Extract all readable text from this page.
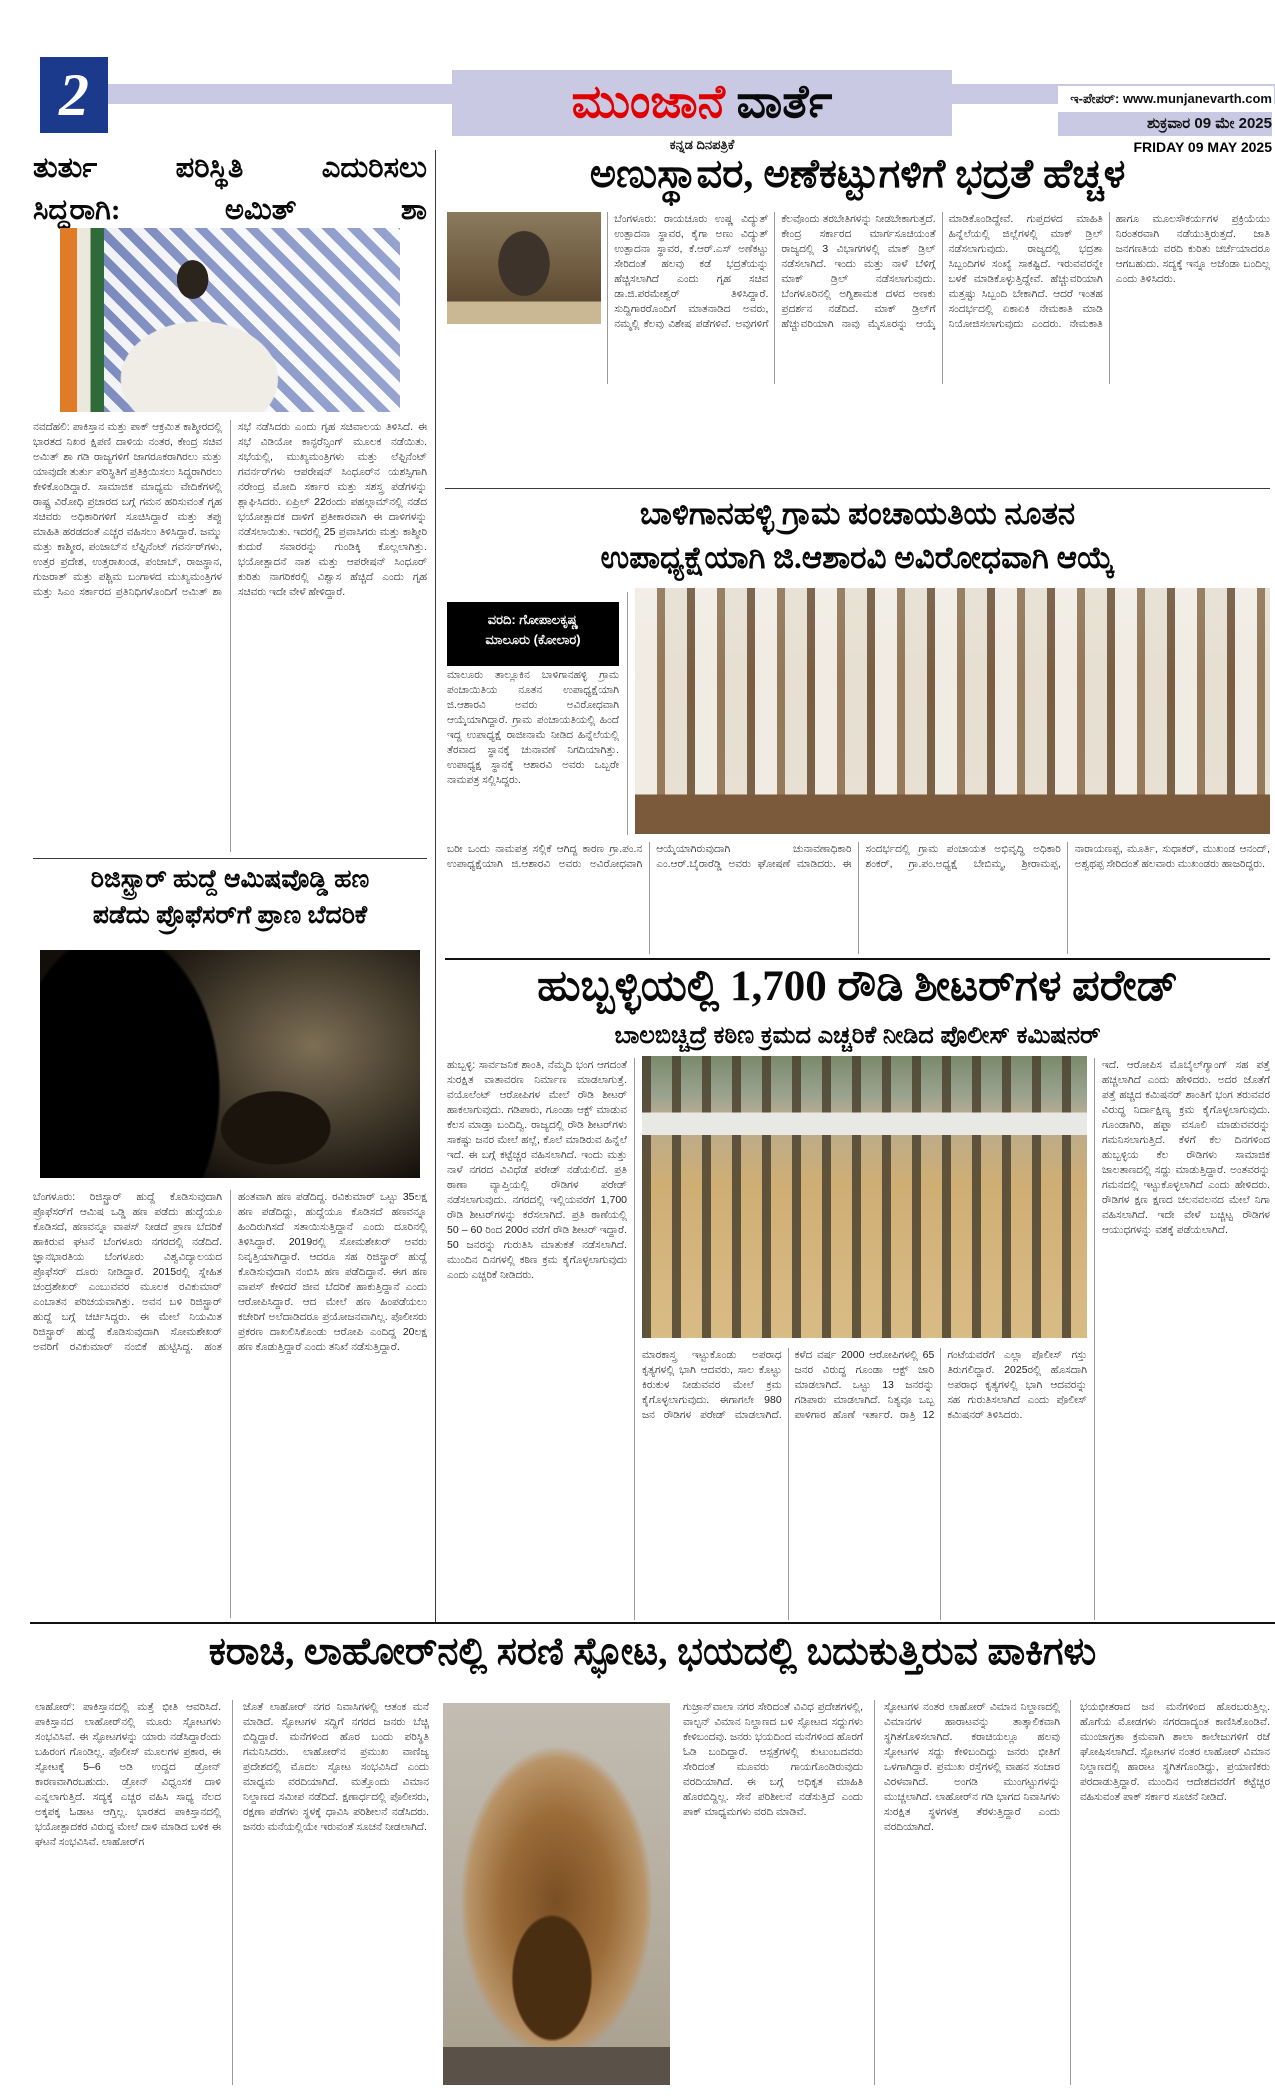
2	ಮುಂಜಾನೆ ವಾರ್ತೆ
ಕನ್ನಡ ದಿನಪತ್ರಿಕೆ
ಇ-ಪೇಪರ್: www.munjanevarth.com
ಶುಕ್ರವಾರ 09 ಮೇ 2025
FRIDAY 09 MAY 2025
ತುರ್ತು ಪರಿಸ್ಥಿತಿ ಎದುರಿಸಲು
ಸಿದ್ಧರಾಗಿ: ಅಮಿತ್ ಶಾ
ನವದೆಹಲಿ: ಪಾಕಿಸ್ತಾನ ಮತ್ತು ಪಾಕ್ ಆಕ್ರಮಿತ ಕಾಶ್ಮೀರದಲ್ಲಿ ಭಾರತದ ನಿಖರ ಕ್ಷಿಪಣಿ ದಾಳಿಯ ನಂತರ, ಕೇಂದ್ರ ಸಚಿವ ಅಮಿತ್ ಶಾ ಗಡಿ ರಾಜ್ಯಗಳಿಗೆ ಜಾಗರೂಕರಾಗಿರಲು ಮತ್ತು ಯಾವುದೇ ತುರ್ತು ಪರಿಸ್ಥಿತಿಗೆ ಪ್ರತಿಕ್ರಿಯಿಸಲು ಸಿದ್ಧರಾಗಿರಲು ಕೇಳಿಕೊಂಡಿದ್ದಾರೆ. ಸಾಮಾಜಿಕ ಮಾಧ್ಯಮ ವೇದಿಕೆಗಳಲ್ಲಿ ರಾಷ್ಟ್ರ ವಿರೋಧಿ ಪ್ರಚಾರದ ಬಗ್ಗೆ ಗಮನ ಹರಿಸುವಂತೆ ಗೃಹ ಸಚಿವರು ಅಧಿಕಾರಿಗಳಿಗೆ ಸೂಚಿಸಿದ್ದಾರೆ ಮತ್ತು ತಪ್ಪು ಮಾಹಿತಿ ಹರಡದಂತೆ ಎಚ್ಚರ ವಹಿಸಲು ತಿಳಿಸಿದ್ದಾರೆ. ಜಮ್ಮು ಮತ್ತು ಕಾಶ್ಮೀರ, ಪಂಜಾಬ್‌ನ ಲೆಫ್ಟಿನೆಂಟ್ ಗವರ್ನರ್‌ಗಳು, ಉತ್ತರ ಪ್ರದೇಶ, ಉತ್ತರಾಖಂಡ, ಪಂಜಾಬ್, ರಾಜಸ್ಥಾನ, ಗುಜರಾತ್ ಮತ್ತು ಪಶ್ಚಿಮ ಬಂಗಾಳದ ಮುಖ್ಯಮಂತ್ರಿಗಳ ಮತ್ತು ಸಿಎಂ ಸರ್ಕಾರದ ಪ್ರತಿನಿಧಿಗಳೊಂದಿಗೆ ಅಮಿತ್ ಶಾ ಸಭೆ ನಡೆಸಿದರು ಎಂದು ಗೃಹ ಸಚಿವಾಲಯ ತಿಳಿಸಿದೆ. ಈ ಸಭೆ ವಿಡಿಯೋ ಕಾನ್ಫರೆನ್ಸಿಂಗ್ ಮೂಲಕ ನಡೆಯಿತು. ಸಭೆಯಲ್ಲಿ, ಮುಖ್ಯಮಂತ್ರಿಗಳು ಮತ್ತು ಲೆಫ್ಟಿನೆಂಟ್ ಗವರ್ನರ್‌ಗಳು ಆಪರೇಷನ್ ಸಿಂಧೂರ್‌ನ ಯಶಸ್ಸಿಗಾಗಿ ನರೇಂದ್ರ ಮೋದಿ ಸರ್ಕಾರ ಮತ್ತು ಸಶಸ್ತ್ರ ಪಡೆಗಳನ್ನು ಶ್ಲಾಘಿಸಿದರು. ಏಪ್ರಿಲ್ 22ರಂದು ಪಹಲ್ಗಾಮ್‌ನಲ್ಲಿ ನಡೆದ ಭಯೋತ್ಪಾದಕ ದಾಳಿಗೆ ಪ್ರತೀಕಾರವಾಗಿ ಈ ದಾಳಿಗಳನ್ನು ನಡೆಸಲಾಯಿತು. ಇದರಲ್ಲಿ 25 ಪ್ರವಾಸಿಗರು ಮತ್ತು ಕಾಶ್ಮೀರಿ ಕುದುರೆ ಸವಾರರನ್ನು ಗುಂಡಿಕ್ಕಿ ಕೊಲ್ಲಲಾಗಿತ್ತು. ಭಯೋತ್ಪಾದನೆ ನಾಶ ಮತ್ತು ಆಪರೇಷನ್ ಸಿಂಧೂರ್ ಕುರಿತು ನಾಗರಿಕರಲ್ಲಿ ವಿಶ್ವಾಸ ಹೆಚ್ಚಿದೆ ಎಂದು ಗೃಹ ಸಚಿವರು ಇದೇ ವೇಳೆ ಹೇಳಿದ್ದಾರೆ.
ರಿಜಿಸ್ಟ್ರಾರ್ ಹುದ್ದೆ ಆಮಿಷವೊಡ್ಡಿ ಹಣ
ಪಡೆದು ಪ್ರೊಫೆಸರ್‌ಗೆ ಪ್ರಾಣ ಬೆದರಿಕೆ
ಬೆಂಗಳೂರು: ರಿಜಿಸ್ಟ್ರಾರ್ ಹುದ್ದೆ ಕೊಡಿಸುವುದಾಗಿ ಪ್ರೊಫೆಸರ್‌ಗೆ ಆಮಿಷ ಒಡ್ಡಿ ಹಣ ಪಡೆದು ಹುದ್ದೆಯೂ ಕೊಡಿಸದೆ, ಹಣವನ್ನೂ ವಾಪಸ್ ನೀಡದೆ ಪ್ರಾಣ ಬೆದರಿಕೆ ಹಾಕಿರುವ ಘಟನೆ ಬೆಂಗಳೂರು ನಗರದಲ್ಲಿ ನಡೆದಿದೆ. ಜ್ಞಾನಭಾರತಿಯ ಬೆಂಗಳೂರು ವಿಶ್ವವಿದ್ಯಾಲಯದ ಪ್ರೊಫೆಸರ್ ದೂರು ನೀಡಿದ್ದಾರೆ. 2015ರಲ್ಲಿ ಸ್ನೇಹಿತ ಚಂದ್ರಶೇಖರ್ ಎಂಬುವವರ ಮೂಲಕ ರವಿಕುಮಾರ್ ಎಂಬಾತನ ಪರಿಚಯವಾಗಿತ್ತು. ಅವನ ಬಳಿ ರಿಜಿಸ್ಟ್ರಾರ್ ಹುದ್ದೆ ಬಗ್ಗೆ ಚರ್ಚಿಸಿದ್ದರು. ಈ ಮೇಲೆ ನಿಯಮಿತ ರಿಜಿಸ್ಟ್ರಾರ್ ಹುದ್ದೆ ಕೊಡಿಸುವುದಾಗಿ ಸೋಮಶೇಖರ್ ಅವರಿಗೆ ರವಿಕುಮಾರ್ ನಂಬಿಕೆ ಹುಟ್ಟಿಸಿದ್ದ. ಹಂತ ಹಂತವಾಗಿ ಹಣ ಪಡೆದಿದ್ದ. ರವಿಕುಮಾರ್ ಒಟ್ಟು 35ಲಕ್ಷ ಹಣ ಪಡೆದಿದ್ದು, ಹುದ್ದೆಯೂ ಕೊಡಿಸದೆ ಹಣವನ್ನೂ ಹಿಂದಿರುಗಿಸದೆ ಸತಾಯಿಸುತ್ತಿದ್ದಾನೆ ಎಂದು ದೂರಿನಲ್ಲಿ ತಿಳಿಸಿದ್ದಾರೆ. 2019ರಲ್ಲಿ ಸೋಮಶೇಖರ್ ಅವರು ನಿವೃತ್ತಿಯಾಗಿದ್ದಾರೆ. ಆದರೂ ಸಹ ರಿಜಿಸ್ಟ್ರಾರ್ ಹುದ್ದೆ ಕೊಡಿಸುವುದಾಗಿ ನಂಬಿಸಿ ಹಣ ಪಡೆದಿದ್ದಾನೆ. ಈಗ ಹಣ ವಾಪಸ್ ಕೇಳಿದರೆ ಜೀವ ಬೆದರಿಕೆ ಹಾಕುತ್ತಿದ್ದಾನೆ ಎಂದು ಆರೋಪಿಸಿದ್ದಾರೆ. ಆದ ಮೇಲೆ ಹಣ ಹಿಂಪಡೆಯಲು ಕಚೇರಿಗೆ ಅಲೆದಾಡಿದರೂ ಪ್ರಯೋಜನವಾಗಿಲ್ಲ. ಪೊಲೀಸರು ಪ್ರಕರಣ ದಾಖಲಿಸಿಕೊಂಡು ಆರೋಪಿ ಎಂದಿದ್ದ 20ಲಕ್ಷ ಹಣ ಕೊಡುತ್ತಿದ್ದಾರೆ ಎಂದು ತನಿಖೆ ನಡೆಸುತ್ತಿದ್ದಾರೆ.
ಅಣುಸ್ಥಾವರ, ಅಣೆಕಟ್ಟುಗಳಿಗೆ ಭದ್ರತೆ ಹೆಚ್ಚಳ
ಬೆಂಗಳೂರು: ರಾಯಚೂರು ಉಷ್ಣ ವಿದ್ಯುತ್ ಉತ್ಪಾದನಾ ಸ್ಥಾವರ, ಕೈಗಾ ಅಣು ವಿದ್ಯುತ್ ಉತ್ಪಾದನಾ ಸ್ಥಾವರ, ಕೆ.ಆರ್.ಎಸ್ ಅಣೆಕಟ್ಟು ಸೇರಿದಂತೆ ಹಲವು ಕಡೆ ಭದ್ರತೆಯನ್ನು ಹೆಚ್ಚಿಸಲಾಗಿದೆ ಎಂದು ಗೃಹ ಸಚಿವ ಡಾ.ಜಿ.ಪರಮೇಶ್ವರ್ ತಿಳಿಸಿದ್ದಾರೆ. ಸುದ್ದಿಗಾರರೊಂದಿಗೆ ಮಾತನಾಡಿದ ಅವರು, ನಮ್ಮಲ್ಲಿ ಕೆಲವು ವಿಶೇಷ ಪಡೆಗಳಿವೆ. ಅವುಗಳಿಗೆ ಕೆಲವೊಂದು ತರಬೇತಿಗಳನ್ನು ನೀಡಬೇಕಾಗುತ್ತದೆ. ಕೇಂದ್ರ ಸರ್ಕಾರದ ಮಾರ್ಗಸೂಚಿಯಂತೆ ರಾಜ್ಯದಲ್ಲಿ 3 ವಿಭಾಗಗಳಲ್ಲಿ ಮಾಕ್ ಡ್ರಿಲ್ ನಡೆಸಲಾಗಿದೆ. ಇಂದು ಮತ್ತು ನಾಳೆ ಬೆಳಿಗ್ಗೆ ಮಾಕ್ ಡ್ರಿಲ್ ನಡೆಸಲಾಗುವುದು. ಬೆಂಗಳೂರಿನಲ್ಲಿ ಅಗ್ನಿಶಾಮಕ ದಳದ ಅಣಕು ಪ್ರದರ್ಶನ ನಡೆದಿದೆ. ಮಾಕ್ ಡ್ರಿಲ್‌ಗೆ ಹೆಚ್ಚುವರಿಯಾಗಿ ನಾವು ಮೈಸೂರನ್ನು ಆಯ್ಕೆ ಮಾಡಿಕೊಂಡಿದ್ದೇವೆ. ಗುಪ್ತದಳದ ಮಾಹಿತಿ ಹಿನ್ನೆಲೆಯಲ್ಲಿ ಜಿಲ್ಲೆಗಳಲ್ಲಿ ಮಾಕ್ ಡ್ರಿಲ್ ನಡೆಸಲಾಗುವುದು. ರಾಜ್ಯದಲ್ಲಿ ಭದ್ರತಾ ಸಿಬ್ಬಂದಿಗಳ ಸಂಖ್ಯೆ ಸಾಕಷ್ಟಿದೆ. ಇರುವವರನ್ನೇ ಬಳಕೆ ಮಾಡಿಕೊಳ್ಳುತ್ತಿದ್ದೇವೆ. ಹೆಚ್ಚುವರಿಯಾಗಿ ಮತ್ತಷ್ಟು ಸಿಬ್ಬಂದಿ ಬೇಕಾಗಿದೆ. ಆದರೆ ಇಂತಹ ಸಂದರ್ಭದಲ್ಲಿ ಏಕಾಏಕಿ ನೇಮಕಾತಿ ಮಾಡಿ ನಿಯೋಜಿಸಲಾಗುವುದು ಎಂದರು. ನೇಮಕಾತಿ ಹಾಗೂ ಮೂಲಸೌಕರ್ಯಗಳ ಪ್ರಕ್ರಿಯೆಯು ನಿರಂತರವಾಗಿ ನಡೆಯುತ್ತಿರುತ್ತದೆ. ಜಾತಿ ಜನಗಣತಿಯ ವರದಿ ಕುರಿತು ಚರ್ಚೆಯಾದರೂ ಆಗಬಹುದು. ಸದ್ಯಕ್ಕೆ ಇನ್ನೂ ಅಜೆಂಡಾ ಬಂದಿಲ್ಲ ಎಂದು ತಿಳಿಸಿದರು.
ಬಾಳಿಗಾನಹಳ್ಳಿ ಗ್ರಾಮ ಪಂಚಾಯತಿಯ ನೂತನ
ಉಪಾಧ್ಯಕ್ಷೆಯಾಗಿ ಜಿ.ಆಶಾರವಿ ಅವಿರೋಧವಾಗಿ ಆಯ್ಕೆ
ವರದಿ: ಗೋಪಾಲಕೃಷ್ಣ
ಮಾಲೂರು (ಕೋಲಾರ)
ಮಾಲೂರು ತಾಲ್ಲೂಕಿನ ಬಾಳಿಗಾನಹಳ್ಳಿ ಗ್ರಾಮ ಪಂಚಾಯಿತಿಯ ನೂತನ ಉಪಾಧ್ಯಕ್ಷೆಯಾಗಿ ಜಿ.ಆಶಾರವಿ ಅವರು ಅವಿರೋಧವಾಗಿ ಆಯ್ಕೆಯಾಗಿದ್ದಾರೆ. ಗ್ರಾಮ ಪಂಚಾಯತಿಯಲ್ಲಿ ಹಿಂದೆ ಇದ್ದ ಉಪಾಧ್ಯಕ್ಷೆ ರಾಜೀನಾಮೆ ನೀಡಿದ ಹಿನ್ನೆಲೆಯಲ್ಲಿ ತೆರವಾದ ಸ್ಥಾನಕ್ಕೆ ಚುನಾವಣೆ ನಿಗದಿಯಾಗಿತ್ತು. ಉಪಾಧ್ಯಕ್ಷ ಸ್ಥಾನಕ್ಕೆ ಆಶಾರವಿ ಅವರು ಒಬ್ಬರೇ ನಾಮಪತ್ರ ಸಲ್ಲಿಸಿದ್ದರು.
ಬರೀ ಒಂದು ನಾಮಪತ್ರ ಸಲ್ಲಿಕೆ ಆಗಿದ್ದ ಕಾರಣ ಗ್ರಾ.ಪಂ.ನ ಉಪಾಧ್ಯಕ್ಷೆಯಾಗಿ ಜಿ.ಆಶಾರವಿ ಅವರು ಅವಿರೋಧವಾಗಿ ಆಯ್ಕೆಯಾಗಿರುವುದಾಗಿ ಚುನಾವಣಾಧಿಕಾರಿ ಎಂ.ಆರ್.ಬೈರಾರೆಡ್ಡಿ ಅವರು ಘೋಷಣೆ ಮಾಡಿದರು. ಈ ಸಂದರ್ಭದಲ್ಲಿ ಗ್ರಾಮ ಪಂಚಾಯತ ಅಭಿವೃದ್ಧಿ ಅಧಿಕಾರಿ ಶಂಕರ್, ಗ್ರಾ.ಪಂ.ಅಧ್ಯಕ್ಷೆ ಬೇಬಿಮ್ಮ, ಶ್ರೀರಾಮಪ್ಪ, ನಾರಾಯಣಪ್ಪ, ಮೂರ್ತಿ, ಸುಧಾಕರ್, ಮುಖಂಡ ಆನಂದ್, ಅಶ್ವಥಪ್ಪ ಸೇರಿದಂತೆ ಹಲವಾರು ಮುಖಂಡರು ಹಾಜರಿದ್ದರು.
ಹುಬ್ಬಳ್ಳಿಯಲ್ಲಿ 1,700 ರೌಡಿ ಶೀಟರ್‌ಗಳ ಪರೇಡ್
ಬಾಲಬಿಚ್ಚಿದ್ರೆ ಕಠಿಣ ಕ್ರಮದ ಎಚ್ಚರಿಕೆ ನೀಡಿದ ಪೊಲೀಸ್ ಕಮಿಷನರ್
ಹುಬ್ಬಳ್ಳಿ: ಸಾರ್ವಜನಿಕ ಶಾಂತಿ, ನೆಮ್ಮದಿ ಭಂಗ ಆಗದಂತೆ ಸುರಕ್ಷಿತ ವಾತಾವರಣ ನಿರ್ಮಾಣ ಮಾಡಲಾಗುತ್ತೆ. ವಯೊಲೆಂಟ್ ಆರೋಪಿಗಳ ಮೇಲೆ ರೌಡಿ ಶೀಟರ್ ಹಾಕಲಾಗುವುದು. ಗಡಿಪಾರು, ಗೂಂಡಾ ಆಕ್ಟ್ ಮಾಡುವ ಕೆಲಸ ಮಾಡ್ತಾ ಬಂದಿದ್ವಿ. ರಾಜ್ಯದಲ್ಲಿ ರೌಡಿ ಶೀಟರ್‌ಗಳು ಸಾಕಷ್ಟು ಜನರ ಮೇಲೆ ಹಲ್ಲೆ, ಕೊಲೆ ಮಾಡಿರುವ ಹಿನ್ನೆಲೆ ಇದೆ. ಈ ಬಗ್ಗೆ ಕಟ್ಟೆಚ್ಚರ ವಹಿಸಲಾಗಿದೆ. ಇಂದು ಮತ್ತು ನಾಳೆ ನಗರದ ವಿವಿಧೆಡೆ ಪರೇಡ್ ನಡೆಯಲಿದೆ. ಪ್ರತಿ ಠಾಣಾ ವ್ಯಾಪ್ತಿಯಲ್ಲಿ ರೌಡಿಗಳ ಪರೇಡ್ ನಡೆಸಲಾಗುವುದು. ನಗರದಲ್ಲಿ ಇಲ್ಲಿಯವರೆಗೆ 1,700 ರೌಡಿ ಶೀಟರ್‌ಗಳನ್ನು ಕರೆಸಲಾಗಿದೆ. ಪ್ರತಿ ಠಾಣೆಯಲ್ಲಿ 50 – 60 ರಿಂದ 200ರ ವರೆಗೆ ರೌಡಿ ಶೀಟರ್ ಇದ್ದಾರೆ. 50 ಜನರನ್ನು ಗುರುತಿಸಿ ಮಾತುಕತೆ ನಡೆಸಲಾಗಿದೆ. ಮುಂದಿನ ದಿನಗಳಲ್ಲಿ ಕಠಿಣ ಕ್ರಮ ಕೈಗೊಳ್ಳಲಾಗುವುದು ಎಂದು ಎಚ್ಚರಿಕೆ ನೀಡಿದರು.
ಇದೆ. ಆರೋಪಿಸ ಮೊಬೈಲ್‌ಗ್ಯಾಂಗ್ ಸಹ ಪತ್ತೆ ಹಚ್ಚಲಾಗಿದೆ ಎಂದು ಹೇಳಿದರು. ಅದರ ಜೊತೆಗೆ ಪತ್ತೆ ಹಚ್ಚಿದ ಕಮಿಷನರ್ ಶಾಂತಿಗೆ ಭಂಗ ತರುವವರ ವಿರುದ್ಧ ನಿರ್ದಾಕ್ಷಿಣ್ಯ ಕ್ರಮ ಕೈಗೊಳ್ಳಲಾಗುವುದು. ಗೂಂಡಾಗಿರಿ, ಹಫ್ತಾ ವಸೂಲಿ ಮಾಡುವವರನ್ನು ಗಮನಿಸಲಾಗುತ್ತಿದೆ. ಕೆಳಗೆ ಕೆಲ ದಿನಗಳಿಂದ ಹುಬ್ಬಳ್ಳಿಯ ಕೆಲ ರೌಡಿಗಳು ಸಾಮಾಜಿಕ ಜಾಲತಾಣದಲ್ಲಿ ಸದ್ದು ಮಾಡುತ್ತಿದ್ದಾರೆ. ಅಂತವರನ್ನು ಗಮನದಲ್ಲಿ ಇಟ್ಟುಕೊಳ್ಳಲಾಗಿದೆ ಎಂದು ಹೇಳಿದರು. ರೌಡಿಗಳ ಕ್ಷಣ ಕ್ಷಣದ ಚಲನವಲನದ ಮೇಲೆ ನಿಗಾ ವಹಿಸಲಾಗಿದೆ. ಇದೇ ವೇಳೆ ಬಚ್ಚಿಟ್ಟ ರೌಡಿಗಳ ಆಯುಧಗಳನ್ನು ವಶಕ್ಕೆ ಪಡೆಯಲಾಗಿದೆ.
ಮಾರಕಾಸ್ತ್ರ ಇಟ್ಟುಕೊಂಡು ಅಪರಾಧ ಕೃತ್ಯಗಳಲ್ಲಿ ಭಾಗಿ ಆದವರು, ಸಾಲ ಕೊಟ್ಟು ಕಿರುಕುಳ ನೀಡುವವರ ಮೇಲೆ ಕ್ರಮ ಕೈಗೊಳ್ಳಲಾಗುವುದು. ಈಗಾಗಲೇ 980 ಜನ ರೌಡಿಗಳ ಪರೇಡ್ ಮಾಡಲಾಗಿದೆ. ಕಳೆದ ವರ್ಷ 2000 ಆರೋಪಿಗಳಲ್ಲಿ 65 ಜನರ ವಿರುದ್ಧ ಗೂಂಡಾ ಆಕ್ಟ್ ಜಾರಿ ಮಾಡಲಾಗಿದೆ. ಒಟ್ಟು 13 ಜನರನ್ನು ಗಡಿಪಾರು ಮಾಡಲಾಗಿದೆ. ನಿತ್ಯವೂ ಒಬ್ಬ ಪಾಳಿಗಾರ ಹೊಣೆ ಇರ್ತಾರೆ. ರಾತ್ರಿ 12 ಗಂಟೆಯವರೆಗೆ ಎಲ್ಲಾ ಪೊಲೀಸ್ ಗಸ್ತು ತಿರುಗಲಿದ್ದಾರೆ. 2025ರಲ್ಲಿ ಹೊಸದಾಗಿ ಅಪರಾಧ ಕೃತ್ಯಗಳಲ್ಲಿ ಭಾಗಿ ಆದವರನ್ನು ಸಹ ಗುರುತಿಸಲಾಗಿದೆ ಎಂದು ಪೊಲೀಸ್ ಕಮಿಷನರ್ ತಿಳಿಸಿದರು.
ಕರಾಚಿ, ಲಾಹೋರ್‌ನಲ್ಲಿ ಸರಣಿ ಸ್ಫೋಟ, ಭಯದಲ್ಲಿ ಬದುಕುತ್ತಿರುವ ಪಾಕಿಗಳು
ಲಾಹೋರ್: ಪಾಕಿಸ್ತಾನದಲ್ಲಿ ಮತ್ತೆ ಭೀತಿ ಆವರಿಸಿದೆ. ಪಾಕಿಸ್ತಾನದ ಲಾಹೋರ್‌ನಲ್ಲಿ ಮೂರು ಸ್ಫೋಟಗಳು ಸಂಭವಿಸಿವೆ. ಈ ಸ್ಫೋಟಗಳನ್ನು ಯಾರು ನಡೆಸಿದ್ದಾರೆಂದು ಬಹಿರಂಗ ಗೊಂಡಿಲ್ಲ. ಪೊಲೀಸ್ ಮೂಲಗಳ ಪ್ರಕಾರ, ಈ ಸ್ಫೋಟಕ್ಕೆ 5–6 ಅಡಿ ಉದ್ದದ ಡ್ರೋನ್ ಕಾರಣವಾಗಿರಬಹುದು. ಡ್ರೋನ್ ವಿಧ್ವಂಸಕ ದಾಳಿ ಎನ್ನಲಾಗುತ್ತಿದೆ. ಸದ್ಯಕ್ಕೆ ಎಚ್ಚರ ವಹಿಸಿ ಸಾಧ್ಯ ನೆಲದ ಅಕ್ಕಪಕ್ಕ ಓಡಾಟ ಆಗ್ತಿಲ್ಲ. ಭಾರತದ ಪಾಕಿಸ್ತಾನದಲ್ಲಿ ಭಯೋತ್ಪಾದಕರ ವಿರುದ್ಧ ಮೇಲೆ ದಾಳಿ ಮಾಡಿದ ಬಳಿಕ ಈ ಘಟನೆ ಸಂಭವಿಸಿವೆ. ಲಾಹೋರ್‌ಗ
ಜೊತೆ ಲಾಹೋರ್ ನಗರ ನಿವಾಸಿಗಳಲ್ಲಿ ಆತಂಕ ಮನೆ ಮಾಡಿದೆ. ಸ್ಫೋಟಗಳ ಸದ್ದಿಗೆ ನಗರದ ಜನರು ಬೆಚ್ಚಿ ಬಿದ್ದಿದ್ದಾರೆ. ಮನೆಗಳಿಂದ ಹೊರ ಬಂದು ಪರಿಸ್ಥಿತಿ ಗಮನಿಸಿದರು. ಲಾಹೋರ್‌ನ ಪ್ರಮುಖ ವಾಣಿಜ್ಯ ಪ್ರದೇಶದಲ್ಲಿ ಮೊದಲ ಸ್ಫೋಟ ಸಂಭವಿಸಿದೆ ಎಂದು ಮಾಧ್ಯಮ ವರದಿಯಾಗಿದೆ. ಮತ್ತೊಂದು ವಿಮಾನ ನಿಲ್ದಾಣದ ಸಮೀಪ ನಡೆದಿದೆ. ಕ್ಷಣಾರ್ಧದಲ್ಲಿ ಪೊಲೀಸರು, ರಕ್ಷಣಾ ಪಡೆಗಳು ಸ್ಥಳಕ್ಕೆ ಧಾವಿಸಿ ಪರಿಶೀಲನೆ ನಡೆಸಿದರು. ಜನರು ಮನೆಯಲ್ಲಿಯೇ ಇರುವಂತೆ ಸೂಚನೆ ನೀಡಲಾಗಿದೆ.
ಗುಜ್ರಾನ್‌ವಾಲಾ ನಗರ ಸೇರಿದಂತೆ ವಿವಿಧ ಪ್ರದೇಶಗಳಲ್ಲಿ, ವಾಲ್ಟನ್ ವಿಮಾನ ನಿಲ್ದಾಣದ ಬಳಿ ಸ್ಫೋಟದ ಸದ್ದುಗಳು ಕೇಳಿಬಂದವು. ಜನರು ಭಯದಿಂದ ಮನೆಗಳಿಂದ ಹೊರಗೆ ಓಡಿ ಬಂದಿದ್ದಾರೆ. ಆಸ್ಪತ್ರೆಗಳಲ್ಲಿ ಕುಟುಂಬದವರು ಸೇರಿದಂತೆ ಮೂವರು ಗಾಯಗೊಂಡಿರುವುದು ವರದಿಯಾಗಿದೆ. ಈ ಬಗ್ಗೆ ಅಧಿಕೃತ ಮಾಹಿತಿ ಹೊರಬಿದ್ದಿಲ್ಲ. ಸೇನೆ ಪರಿಶೀಲನೆ ನಡೆಸುತ್ತಿದೆ ಎಂದು ಪಾಕ್ ಮಾಧ್ಯಮಗಳು ವರದಿ ಮಾಡಿವೆ.
ಸ್ಫೋಟಗಳ ನಂತರ ಲಾಹೋರ್ ವಿಮಾನ ನಿಲ್ದಾಣದಲ್ಲಿ ವಿಮಾನಗಳ ಹಾರಾಟವನ್ನು ತಾತ್ಕಾಲಿಕವಾಗಿ ಸ್ಥಗಿತಗೊಳಿಸಲಾಗಿದೆ. ಕರಾಚಿಯಲ್ಲೂ ಹಲವು ಸ್ಫೋಟಗಳ ಸದ್ದು ಕೇಳಿಬಂದಿದ್ದು ಜನರು ಭೀತಿಗೆ ಒಳಗಾಗಿದ್ದಾರೆ. ಪ್ರಮುಖ ರಸ್ತೆಗಳಲ್ಲಿ ವಾಹನ ಸಂಚಾರ ವಿರಳವಾಗಿದೆ. ಅಂಗಡಿ ಮುಂಗಟ್ಟುಗಳನ್ನು ಮುಚ್ಚಲಾಗಿದೆ. ಲಾಹೋರ್‌ನ ಗಡಿ ಭಾಗದ ನಿವಾಸಿಗಳು ಸುರಕ್ಷಿತ ಸ್ಥಳಗಳತ್ತ ತೆರಳುತ್ತಿದ್ದಾರೆ ಎಂದು ವರದಿಯಾಗಿದೆ.
ಭಯಭೀತರಾದ ಜನ ಮನೆಗಳಿಂದ ಹೊರಬರುತ್ತಿಲ್ಲ. ಹೊಗೆಯ ಮೋಡಗಳು ನಗರದಾದ್ಯಂತ ಕಾಣಿಸಿಕೊಂಡಿವೆ. ಮುಂಜಾಗ್ರತಾ ಕ್ರಮವಾಗಿ ಶಾಲಾ ಕಾಲೇಜುಗಳಿಗೆ ರಜೆ ಘೋಷಿಸಲಾಗಿದೆ. ಸ್ಫೋಟಗಳ ನಂತರ ಲಾಹೋರ್ ವಿಮಾನ ನಿಲ್ದಾಣದಲ್ಲಿ ಹಾರಾಟ ಸ್ಥಗಿತಗೊಂಡಿದ್ದು, ಪ್ರಯಾಣಿಕರು ಪರದಾಡುತ್ತಿದ್ದಾರೆ. ಮುಂದಿನ ಆದೇಶದವರೆಗೆ ಕಟ್ಟೆಚ್ಚರ ವಹಿಸುವಂತೆ ಪಾಕ್ ಸರ್ಕಾರ ಸೂಚನೆ ನೀಡಿದೆ.
